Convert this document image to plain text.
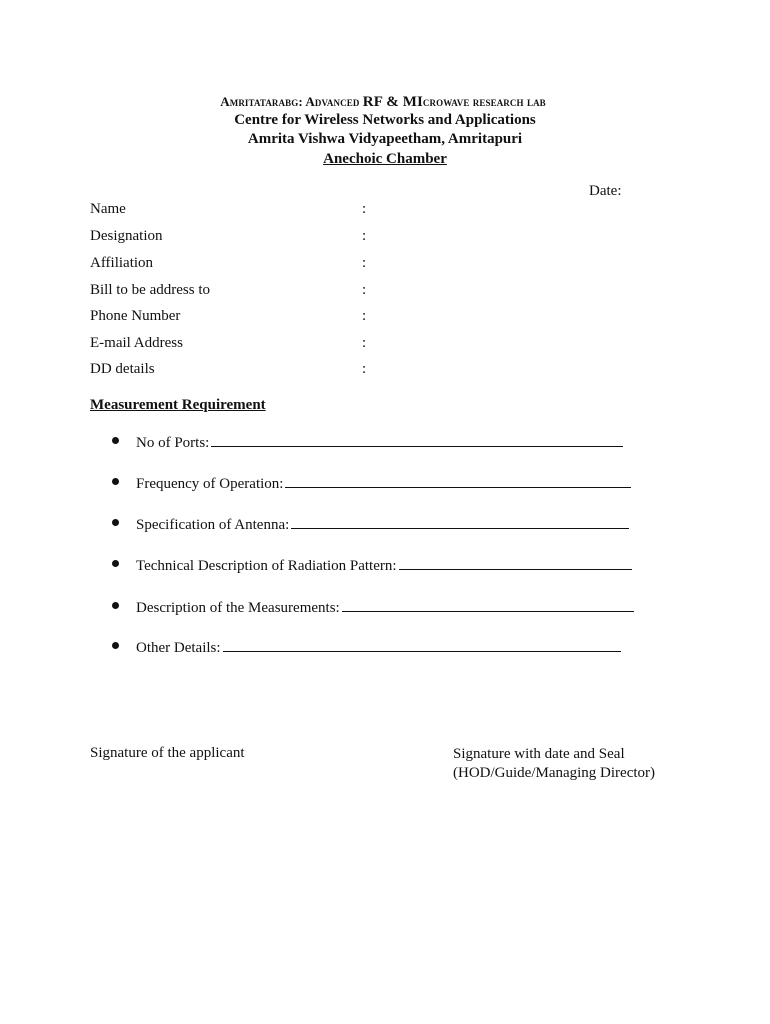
Amritatarabg: Advanced RF & MIcrowave research lab
Centre for Wireless Networks and Applications
Amrita Vishwa Vidyapeetham, Amritapuri
Anechoic Chamber
Date:
Name	:
Designation	:
Affiliation	:
Bill to be address to	:
Phone Number	:
E-mail Address	:
DD details	:
Measurement Requirement
No of Ports:
Frequency of Operation:
Specification of Antenna:
Technical Description of Radiation Pattern:
Description of the Measurements:
Other Details:
Signature of the applicant	Signature with date and Seal
(HOD/Guide/Managing Director)
